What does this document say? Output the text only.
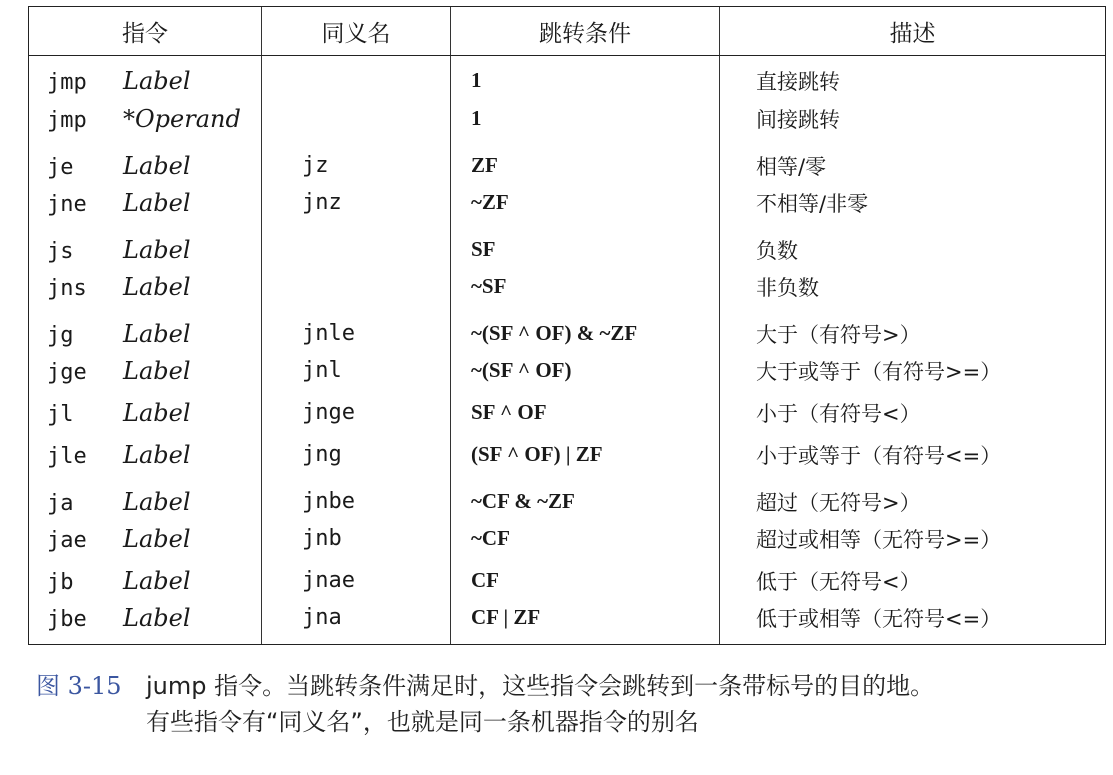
指令	同义名	跳转条件	描述
jmp Label		1	直接跳转
jmp *Operand		1	间接跳转
je Label	jz	ZF	相等/零
jne Label	jnz	~ZF	不相等/非零
js Label		SF	负数
jns Label		~SF	非负数
jg Label	jnle	~(SF ^ OF) & ~ZF	大于（有符号>）
jge Label	jnl	~(SF ^ OF)	大于或等于（有符号>=）
jl Label	jnge	SF ^ OF	小于（有符号<）
jle Label	jng	(SF ^ OF) | ZF	小于或等于（有符号<=）
ja Label	jnbe	~CF & ~ZF	超过（无符号>）
jae Label	jnb	~CF	超过或相等（无符号>=）
jb Label	jnae	CF	低于（无符号<）
jbe Label	jna	CF | ZF	低于或相等（无符号<=）
图 3-15 jump 指令。当跳转条件满足时，这些指令会跳转到一条带标号的目的地。
有些指令有“同义名”，也就是同一条机器指令的别名
